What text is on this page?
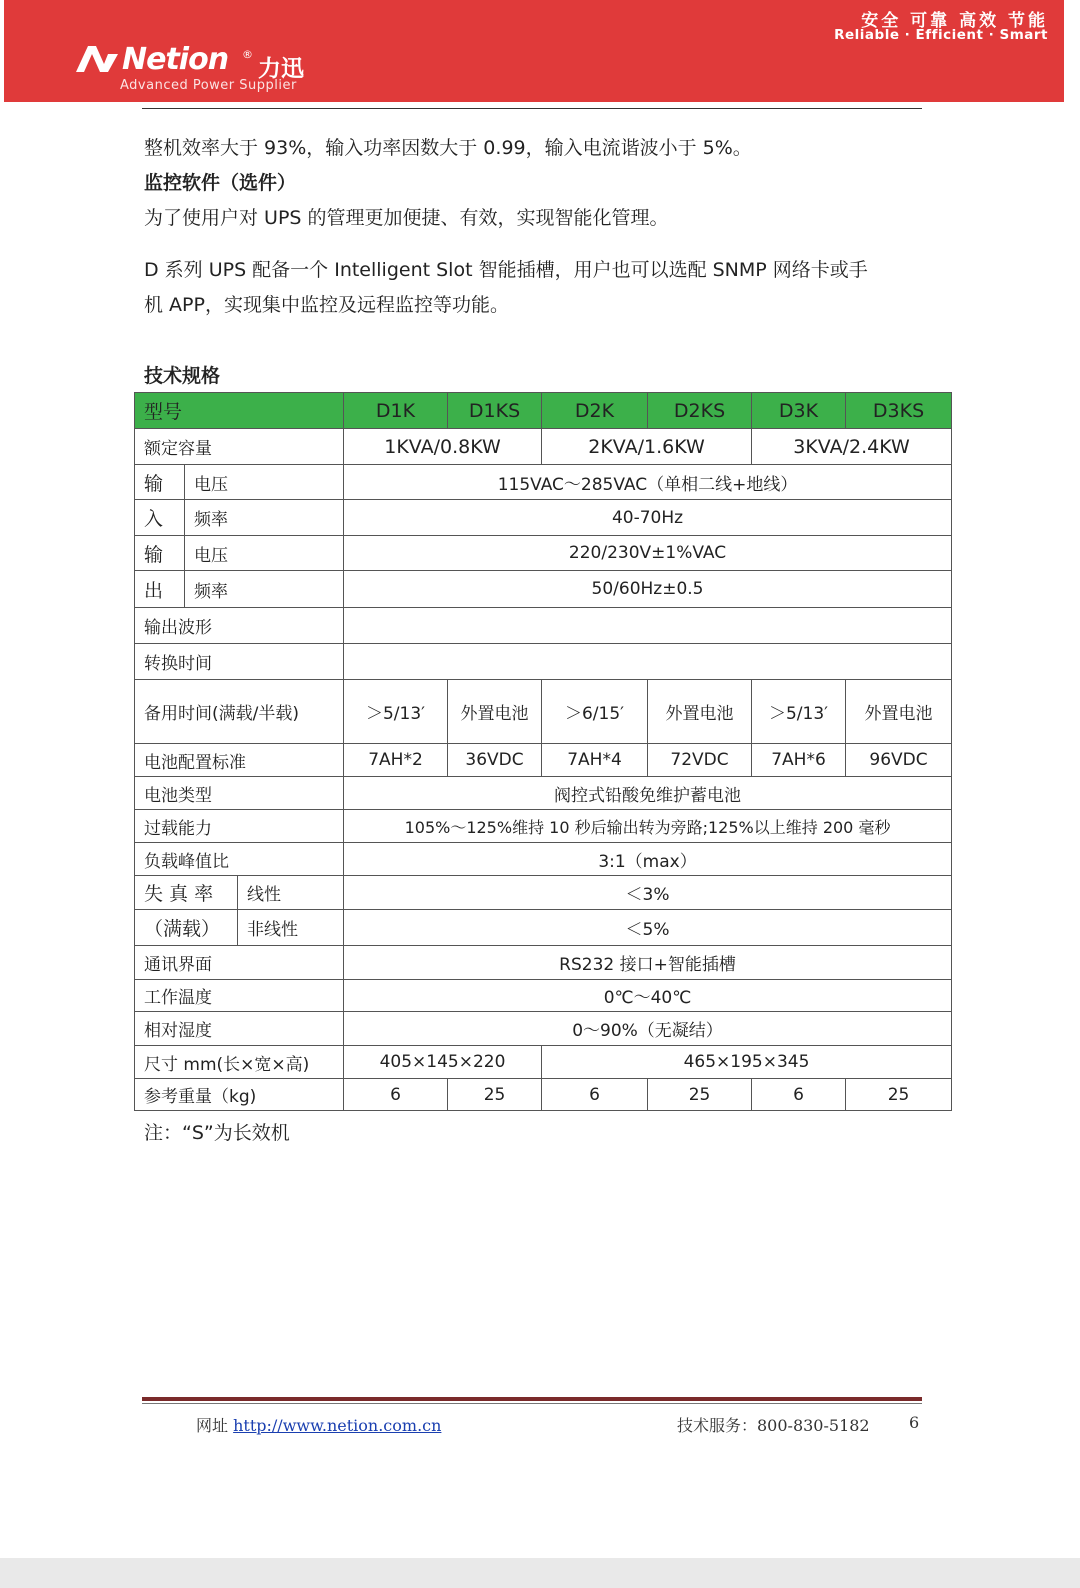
Netion ®
力迅
Advanced Power Supplier
安全 可靠 高效 节能
Reliable · Efficient · Smart
整机效率大于 93%，输入功率因数大于 0.99，输入电流谐波小于 5%。
监控软件（选件）
为了使用户对 UPS 的管理更加便捷、有效，实现智能化管理。
D 系列 UPS 配备一个 Intelligent Slot 智能插槽，用户也可以选配 SNMP 网络卡或手
机 APP，实现集中监控及远程监控等功能。
技术规格
型号			D1K	D1KS	D2K	D2KS	D3K	D3KS
额定容量			1KVA/0.8KW		2KVA/1.6KW		3KVA/2.4KW	
输	电压		115VAC～285VAC（单相二线+地线）					
入	频率		40-70Hz					
输	电压		220/230V±1%VAC					
出	频率		50/60Hz±0.5					
输出波形								
转换时间								
备用时间(满载/半载)			＞5/13′	外置电池	＞6/15′	外置电池	＞5/13′	外置电池
电池配置标准			7AH*2	36VDC	7AH*4	72VDC	7AH*6	96VDC
电池类型			阀控式铅酸免维护蓄电池					
过载能力			105%～125%维持 10 秒后输出转为旁路;125%以上维持 200 毫秒					
负载峰值比			3:1（max）					
失 真 率		线性	＜3%					
（满载）		非线性	＜5%					
通讯界面			RS232 接口+智能插槽					
工作温度			0℃～40℃					
相对湿度			0～90%（无凝结）					
尺寸 mm(长×宽×高)			405×145×220		465×195×345			
参考重量（kg)			6	25	6	25	6	25
注：“S”为长效机
网址 http://www.netion.com.cn	技术服务：800-830-5182 6
